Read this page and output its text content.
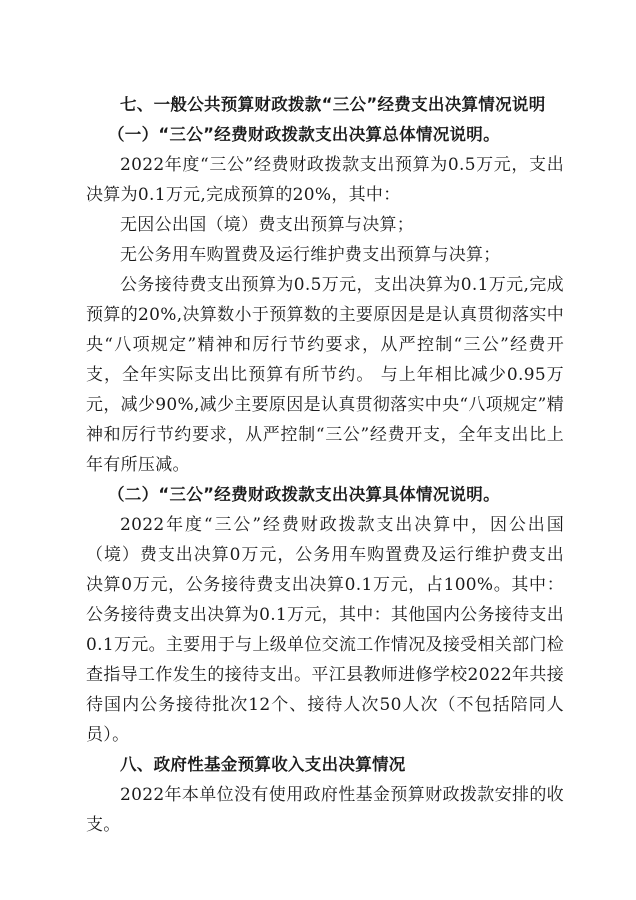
七、一般公共预算财政拨款“三公”经费支出决算情况说明
（一）“三公”经费财政拨款支出决算总体情况说明。

2022年度“三公”经费财政拨款支出预算为0.5万元，支出决算为0.1万元,完成预算的20%，其中：

无因公出国（境）费支出预算与决算；

无公务用车购置费及运行维护费支出预算与决算；

公务接待费支出预算为0.5万元，支出决算为0.1万元,完成预算的20%,决算数小于预算数的主要原因是是认真贯彻落实中央“八项规定”精神和厉行节约要求，从严控制“三公”经费开支，全年实际支出比预算有所节约。 与上年相比减少0.95万元，减少90%,减少主要原因是认真贯彻落实中央“八项规定”精神和厉行节约要求，从严控制“三公”经费开支，全年支出比上年有所压减。

（二）“三公”经费财政拨款支出决算具体情况说明。

2022年度“三公”经费财政拨款支出决算中，因公出国（境）费支出决算0万元，公务用车购置费及运行维护费支出决算0万元，公务接待费支出决算0.1万元，占100%。其中：公务接待费支出决算为0.1万元，其中：其他国内公务接待支出0.1万元。主要用于与上级单位交流工作情况及接受相关部门检查指导工作发生的接待支出。平江县教师进修学校2022年共接待国内公务接待批次12个、接待人次50人次（不包括陪同人员）。

八、政府性基金预算收入支出决算情况

2022年本单位没有使用政府性基金预算财政拨款安排的收支。
